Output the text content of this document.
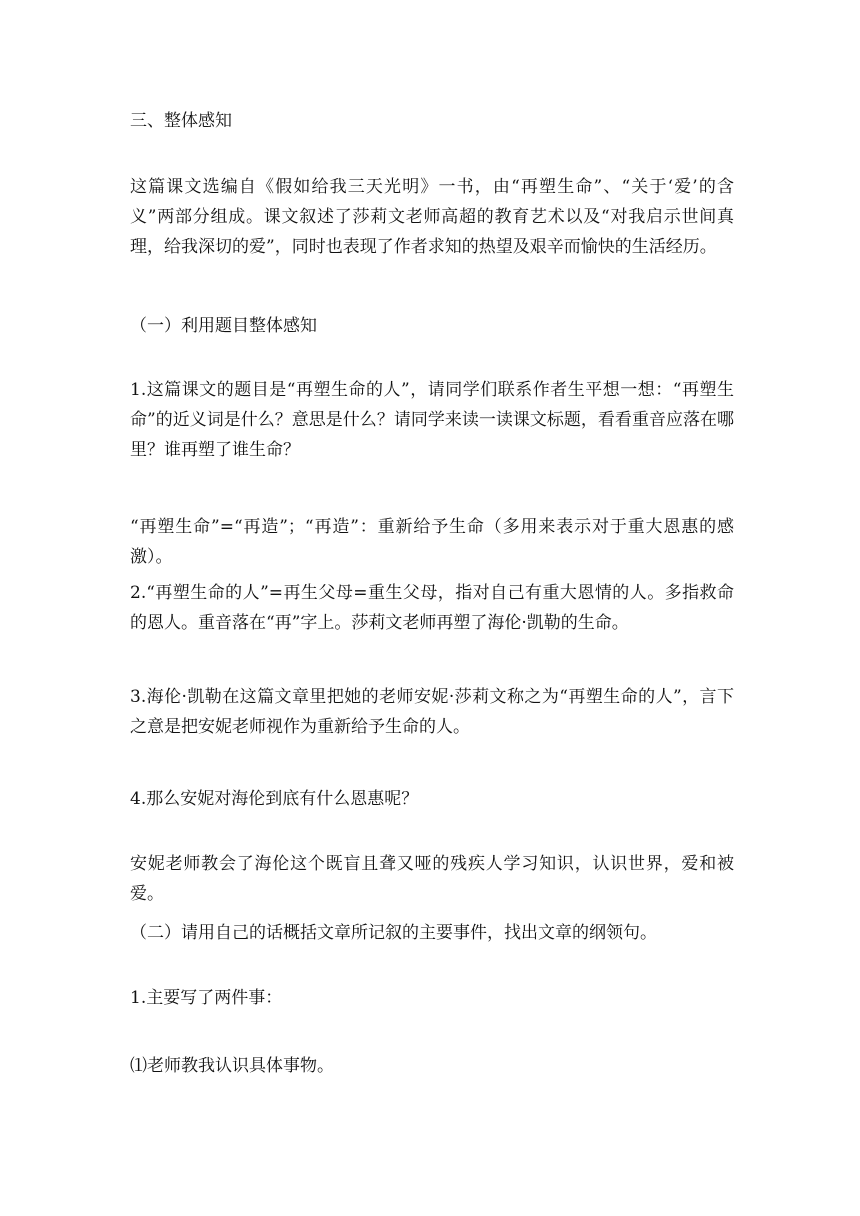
三、整体感知

这篇课文选编自《假如给我三天光明》一书，由“再塑生命”、“关于‘爱’的含义”两部分组成。课文叙述了莎莉文老师高超的教育艺术以及“对我启示世间真理，给我深切的爱”，同时也表现了作者求知的热望及艰辛而愉快的生活经历。

（一）利用题目整体感知

1.这篇课文的题目是“再塑生命的人”，请同学们联系作者生平想一想：“再塑生命”的近义词是什么？意思是什么？请同学来读一读课文标题，看看重音应落在哪里？谁再塑了谁生命？

“再塑生命”=“再造”；“再造”：重新给予生命（多用来表示对于重大恩惠的感激）。

2.“再塑生命的人”=再生父母=重生父母，指对自己有重大恩情的人。多指救命的恩人。重音落在“再”字上。莎莉文老师再塑了海伦·凯勒的生命。

3.海伦·凯勒在这篇文章里把她的老师安妮·莎莉文称之为“再塑生命的人”，言下之意是把安妮老师视作为重新给予生命的人。

4.那么安妮对海伦到底有什么恩惠呢？

安妮老师教会了海伦这个既盲且聋又哑的残疾人学习知识，认识世界，爱和被爱。

（二）请用自己的话概括文章所记叙的主要事件，找出文章的纲领句。

1.主要写了两件事：

⑴老师教我认识具体事物。
